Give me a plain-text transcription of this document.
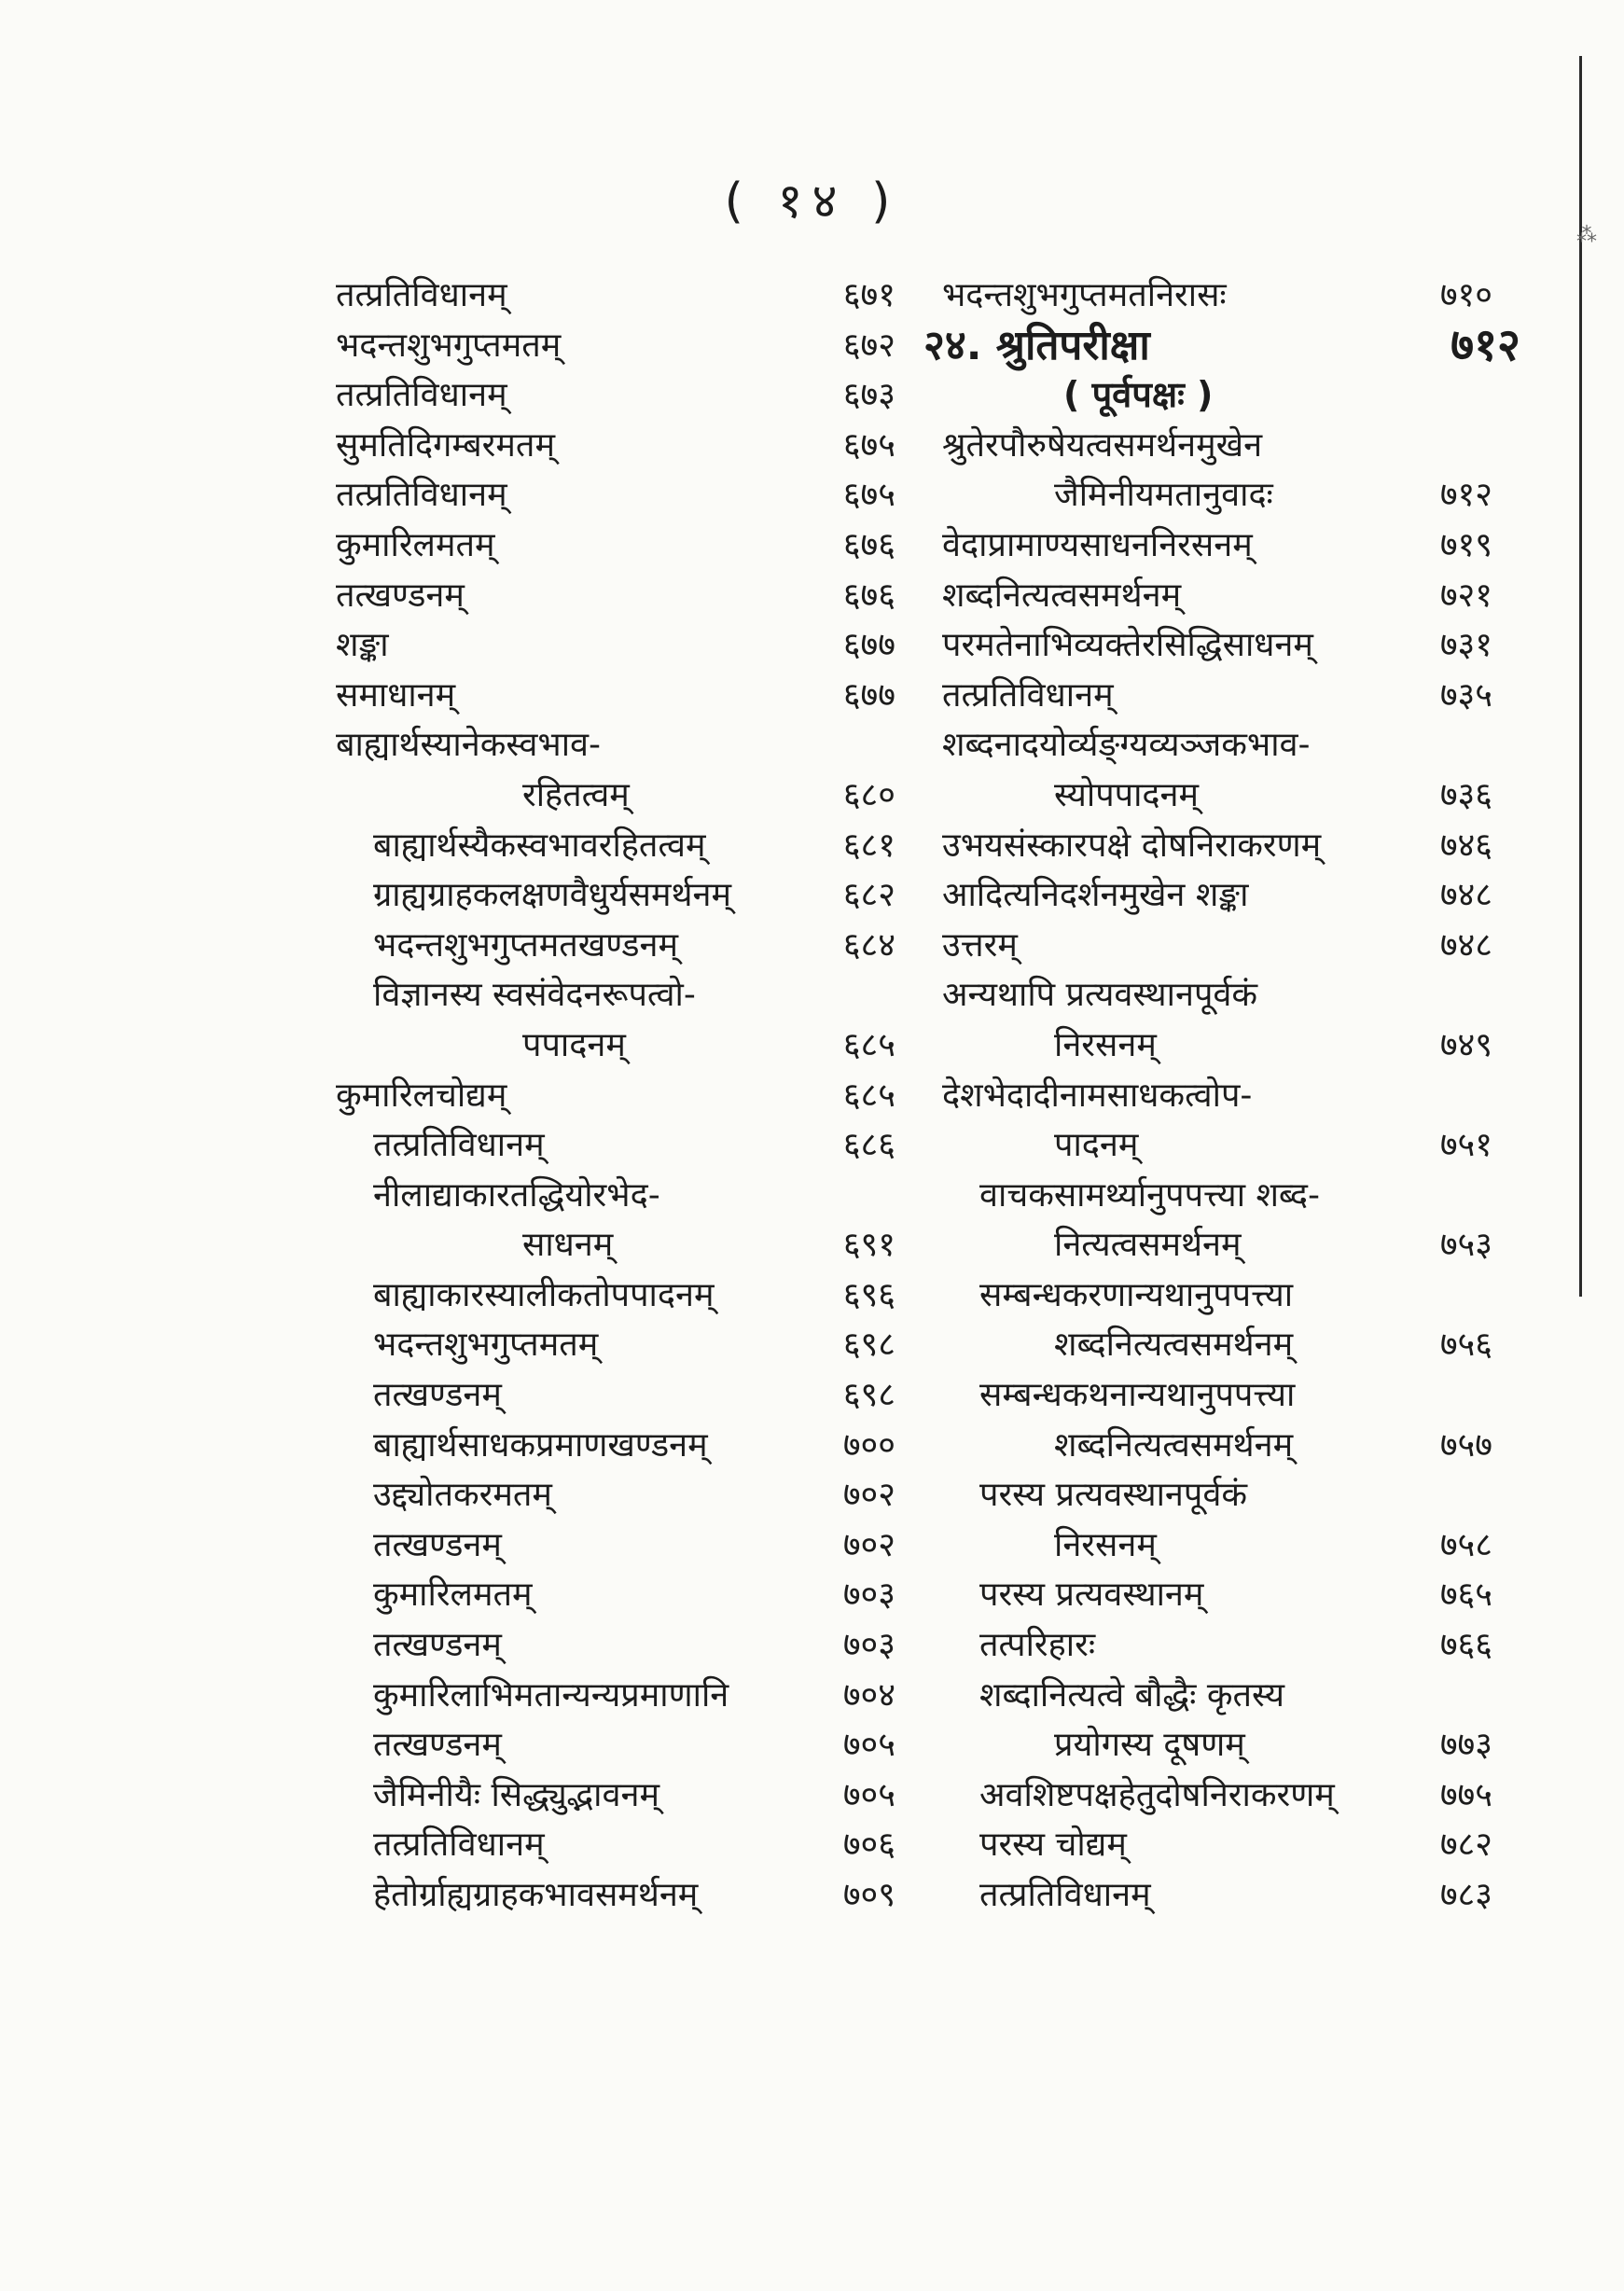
⁂
( १४ )
तत्प्रतिविधानम्	६७१
भदन्तशुभगुप्तमतम्	६७२
तत्प्रतिविधानम्	६७३
सुमतिदिगम्बरमतम्	६७५
तत्प्रतिविधानम्	६७५
कुमारिलमतम्	६७६
तत्खण्डनम्	६७६
शङ्का	६७७
समाधानम्	६७७
बाह्यार्थस्यानेकस्वभाव-
रहितत्वम्	६८०
बाह्यार्थस्यैकस्वभावरहितत्वम्	६८१
ग्राह्यग्राहकलक्षणवैधुर्यसमर्थनम्	६८२
भदन्तशुभगुप्तमतखण्डनम्	६८४
विज्ञानस्य स्वसंवेदनरूपत्वो-
पपादनम्	६८५
कुमारिलचोद्यम्	६८५
तत्प्रतिविधानम्	६८६
नीलाद्याकारतद्धियोरभेद-
साधनम्	६९१
बाह्याकारस्यालीकतोपपादनम्	६९६
भदन्तशुभगुप्तमतम्	६९८
तत्खण्डनम्	६९८
बाह्यार्थसाधकप्रमाणखण्डनम्	७००
उद्द्योतकरमतम्	७०२
तत्खण्डनम्	७०२
कुमारिलमतम्	७०३
तत्खण्डनम्	७०३
कुमारिलाभिमतान्यन्यप्रमाणानि	७०४
तत्खण्डनम्	७०५
जैमिनीयैः सिद्ध्युद्भावनम्	७०५
तत्प्रतिविधानम्	७०६
हेतोर्ग्राह्यग्राहकभावसमर्थनम्	७०९
भदन्तशुभगुप्तमतनिरासः	७१०
२४. श्रुतिपरीक्षा	७१२
( पूर्वपक्षः )
श्रुतेरपौरुषेयत्वसमर्थनमुखेन
जैमिनीयमतानुवादः	७१२
वेदाप्रामाण्यसाधननिरसनम्	७१९
शब्दनित्यत्वसमर्थनम्	७२१
परमतेनाभिव्यक्तेरसिद्धिसाधनम्	७३१
तत्प्रतिविधानम्	७३५
शब्दनादयोर्व्यङ्ग्यव्यञ्जकभाव-
स्योपपादनम्	७३६
उभयसंस्कारपक्षे दोषनिराकरणम्	७४६
आदित्यनिदर्शनमुखेन शङ्का	७४८
उत्तरम्	७४८
अन्यथापि प्रत्यवस्थानपूर्वकं
निरसनम्	७४९
देशभेदादीनामसाधकत्वोप-
पादनम्	७५१
वाचकसामर्थ्यानुपपत्त्या शब्द-
नित्यत्वसमर्थनम्	७५३
सम्बन्धकरणान्यथानुपपत्त्या
शब्दनित्यत्वसमर्थनम्	७५६
सम्बन्धकथनान्यथानुपपत्त्या
शब्दनित्यत्वसमर्थनम्	७५७
परस्य प्रत्यवस्थानपूर्वकं
निरसनम्	७५८
परस्य प्रत्यवस्थानम्	७६५
तत्परिहारः	७६६
शब्दानित्यत्वे बौद्धैः कृतस्य
प्रयोगस्य दूषणम्	७७३
अवशिष्टपक्षहेतुदोषनिराकरणम्	७७५
परस्य चोद्यम्	७८२
तत्प्रतिविधानम्	७८३
